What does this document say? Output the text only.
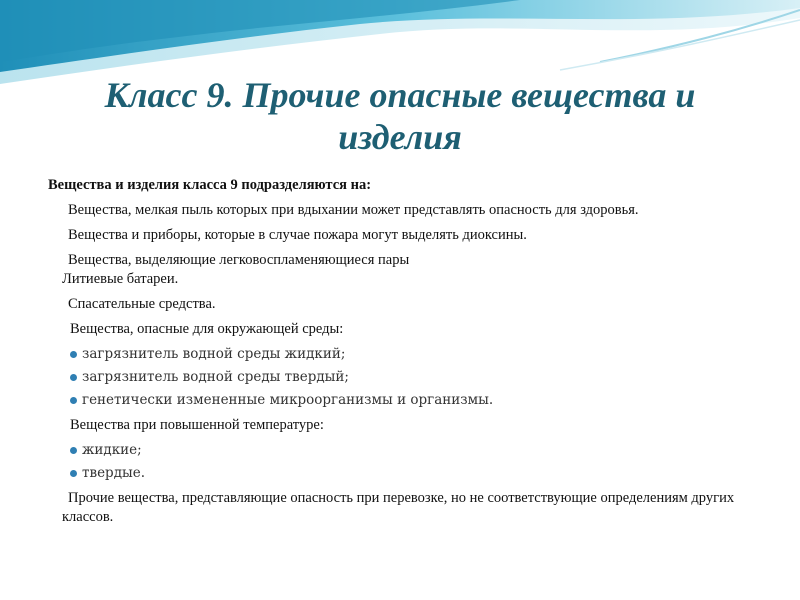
Класс 9. Прочие опасные вещества и изделия

Вещества и изделия класса 9 подразделяются на:

Вещества, мелкая пыль которых при вдыхании может представлять опасность для здоровья.

Вещества и приборы, которые в случае пожара могут выделять диоксины.

Вещества, выделяющие легковоспламеняющиеся пары

Литиевые батареи.

Спасательные средства.

Вещества, опасные для окружающей среды:

загрязнитель водной среды жидкий;

загрязнитель водной среды твердый;

генетически измененные микроорганизмы и организмы.

Вещества при повышенной температуре:

жидкие;

твердые.

Прочие вещества, представляющие опасность при перевозке, но не соответствующие определениям других классов.
